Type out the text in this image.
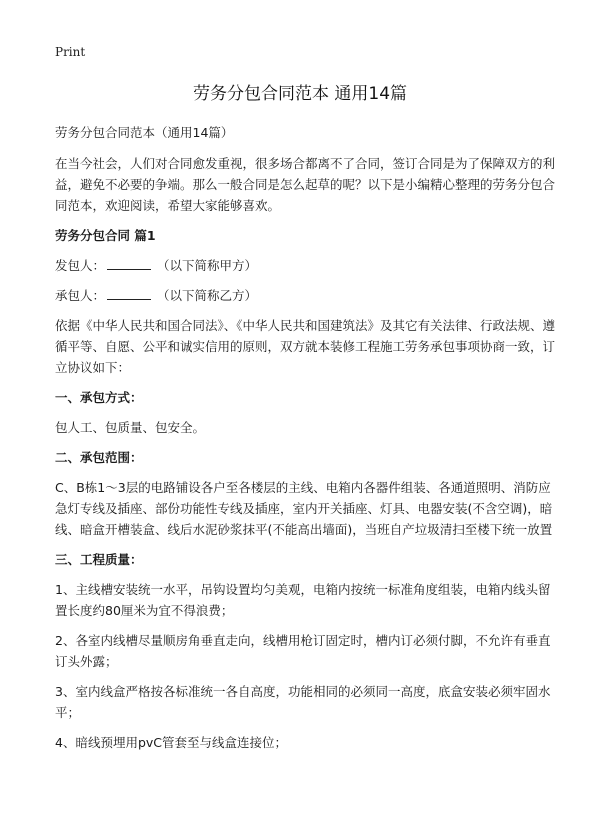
Print
劳务分包合同范本 通用14篇

劳务分包合同范本（通用14篇）

在当今社会，人们对合同愈发重视，很多场合都离不了合同，签订合同是为了保障双方的利益，避免不必要的争端。那么一般合同是怎么起草的呢？以下是小编精心整理的劳务分包合同范本，欢迎阅读，希望大家能够喜欢。

劳务分包合同 篇1

发包人：	（以下简称甲方）

承包人：	（以下简称乙方）

依据《中华人民共和国合同法》、《中华人民共和国建筑法》及其它有关法律、行政法规、遵循平等、自愿、公平和诚实信用的原则，双方就本装修工程施工劳务承包事项协商一致，订立协议如下：

一、承包方式：

包人工、包质量、包安全。

二、承包范围：

C、B栋1～3层的电路铺设各户至各楼层的主线、电箱内各器件组装、各通道照明、消防应急灯专线及插座、部份功能性专线及插座，室内开关插座、灯具、电器安装(不含空调)，暗线、暗盒开槽装盒、线后水泥砂浆抹平(不能高出墙面)，当班自产垃圾清扫至楼下统一放置

三、工程质量：

1、主线槽安装统一水平，吊钩设置均匀美观，电箱内按统一标准角度组装，电箱内线头留置长度约80厘米为宜不得浪费；

2、各室内线槽尽量顺房角垂直走向，线槽用枪订固定时，槽内订必须付脚，不允许有垂直订头外露；

3、室内线盒严格按各标准统一各自高度，功能相同的必须同一高度，底盒安装必须牢固水平；

4、暗线预埋用pvC管套至与线盒连接位；
